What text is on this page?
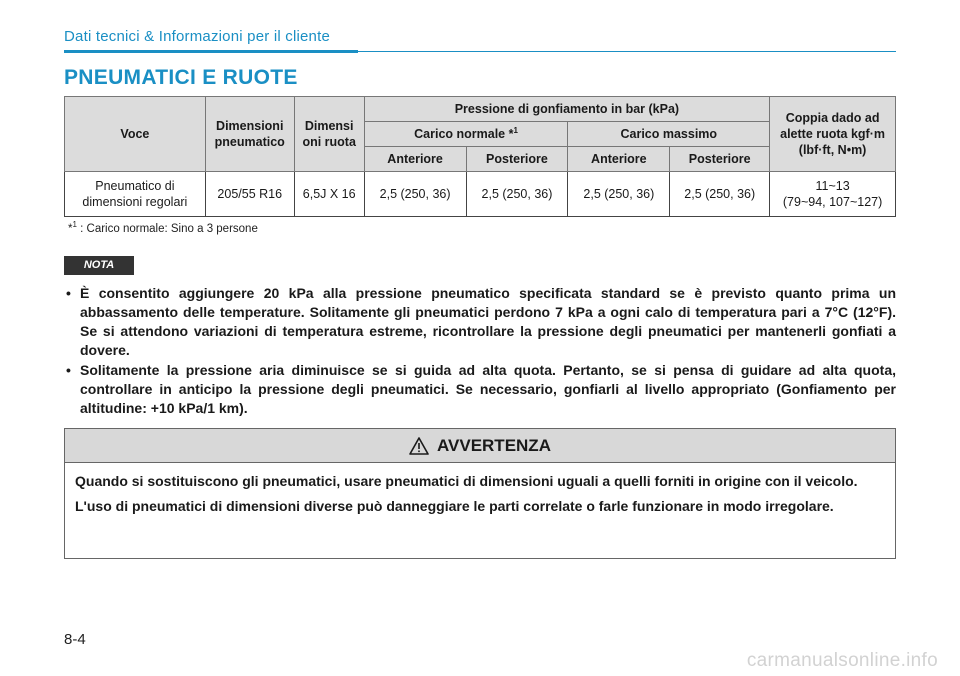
Dati tecnici & Informazioni per il cliente
PNEUMATICI E RUOTE
Voce	Dimensioni pneumatico	Dimensi oni ruota	Pressione di gonfiamento in bar (kPa)				Coppia dado ad alette ruota kgf·m (lbf·ft, N•m)
			Carico normale *$^1$		Carico massimo		
			Anteriore	Posteriore	Anteriore	Posteriore	
Pneumatico di dimensioni regolari	205/55 R16	6,5J X 16	2,5 (250, 36)	2,5 (250, 36)	2,5 (250, 36)	2,5 (250, 36)	11~13
(79~94, 107~127)
*$^1$ : Carico normale: Sino a 3 persone
NOTA
• È consentito aggiungere 20 kPa alla pressione pneumatico specificata standard se è previsto quanto prima un abbassamento delle temperature. Solitamente gli pneumatici perdono 7 kPa a ogni calo di temperatura pari a 7°C (12°F). Se si attendono variazioni di temperatura estreme, ricontrollare la pressione degli pneumatici per mantenerli gonfiati a dovere.
• Solitamente la pressione aria diminuisce se si guida ad alta quota. Pertanto, se si pensa di guidare ad alta quota, controllare in anticipo la pressione degli pneumatici. Se necessario, gonfiarli al livello appropriato (Gonfiamento per altitudine: +10 kPa/1 km).
AVVERTENZA

Quando si sostituiscono gli pneumatici, usare pneumatici di dimensioni uguali a quelli forniti in origine con il veicolo.

L'uso di pneumatici di dimensioni diverse può danneggiare le parti correlate o farle funzionare in modo irregolare.

8-4
carmanualsonline.info
